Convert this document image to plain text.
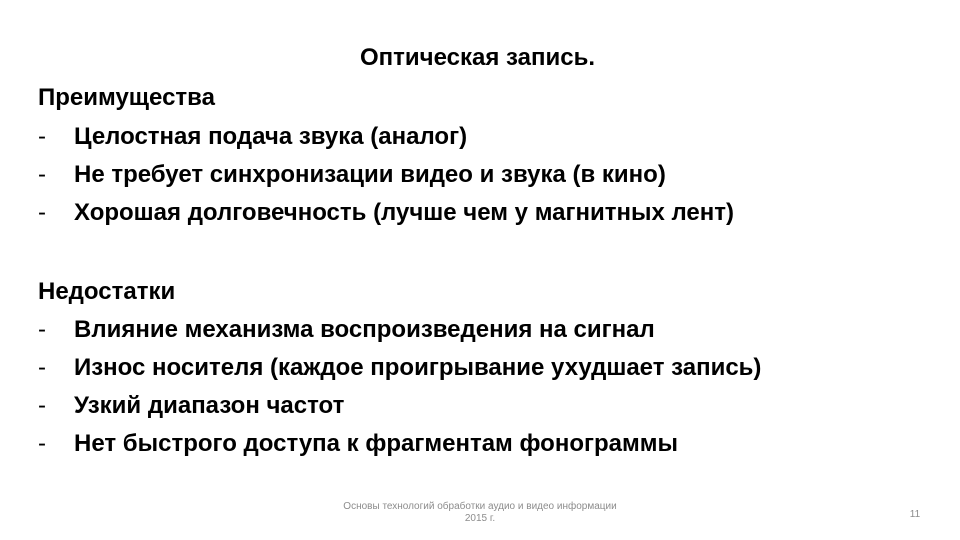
Оптическая запись.
Преимущества
- Целостная подача звука (аналог)
- Не требует синхронизации видео и звука (в кино)
- Хорошая долговечность (лучше чем у магнитных лент)
Недостатки
- Влияние механизма воспроизведения на сигнал
- Износ носителя (каждое проигрывание ухудшает запись)
- Узкий диапазон частот
- Нет быстрого доступа к фрагментам фонограммы
Основы технологий обработки аудио и видео информации
2015 г.	11
